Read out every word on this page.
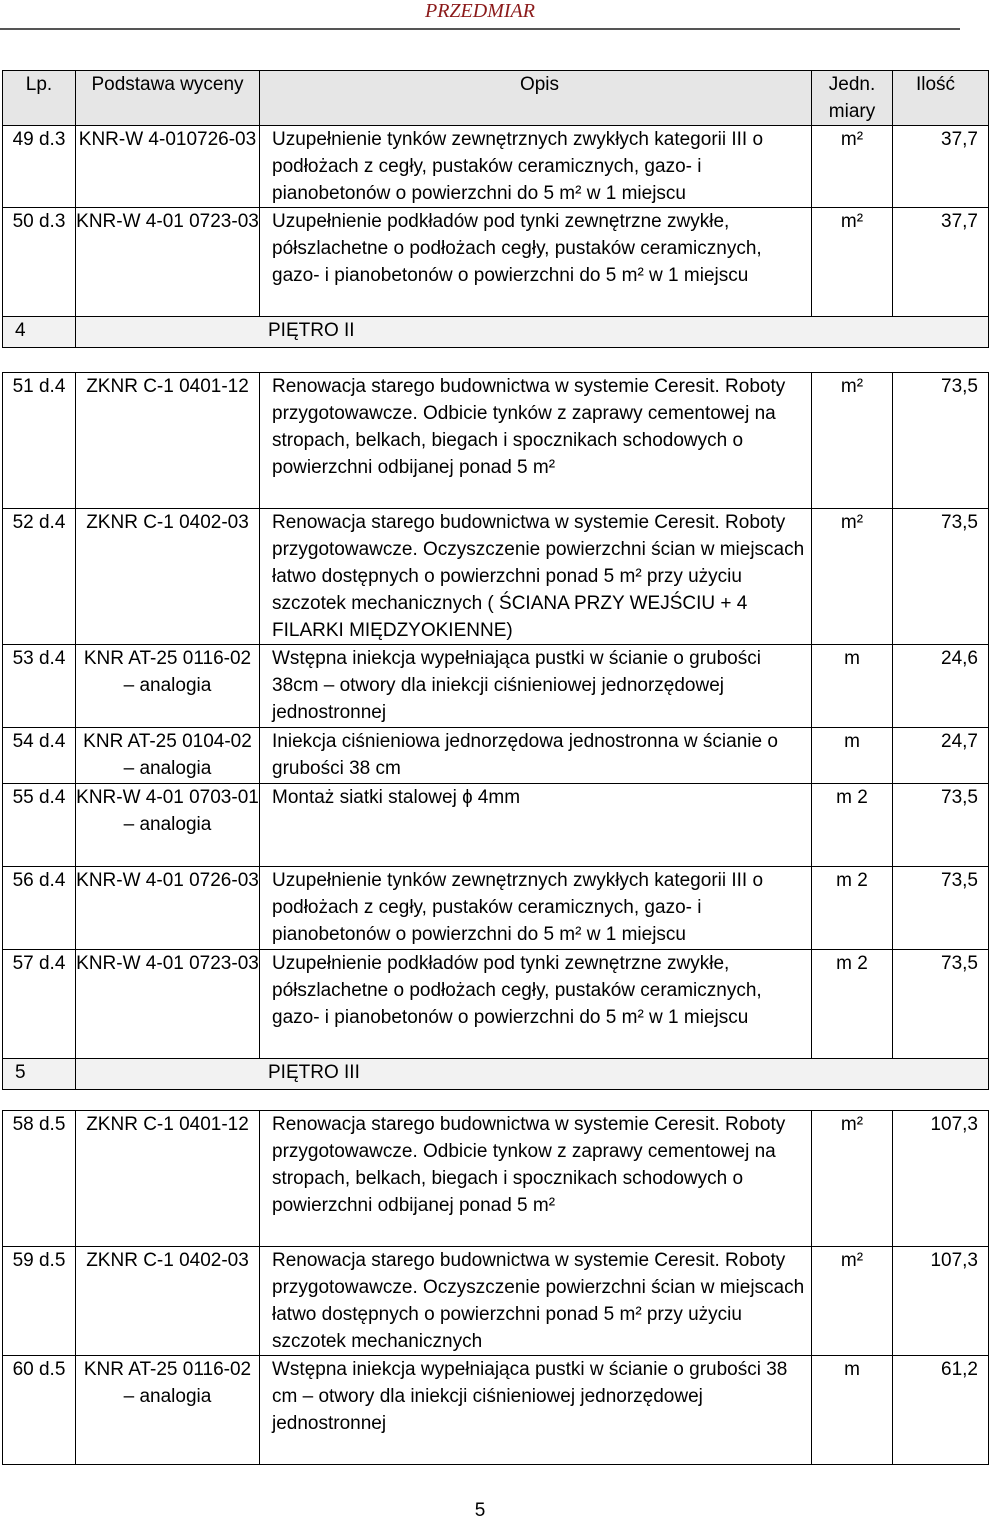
PRZEDMIAR
Lp.	Podstawa wyceny	Opis	Jedn. miary	Ilość
49 d.3	KNR-W 4-010726-03	Uzupełnienie tynków zewnętrznych zwykłych kategorii III o podłożach z cegły, pustaków ceramicznych, gazo- i pianobetonów o powierzchni do 5 m² w 1 miejscu	m²	37,7
50 d.3	KNR-W 4-01 0723-03	Uzupełnienie podkładów pod tynki zewnętrzne zwykłe, półszlachetne o podłożach cegły, pustaków ceramicznych, gazo- i pianobetonów o powierzchni do 5 m² w 1 miejscu	m²	37,7
4	PIĘTRO II			
51 d.4	ZKNR C-1 0401-12	Renowacja starego budownictwa w systemie Ceresit. Roboty przygotowawcze. Odbicie tynków z zaprawy cementowej na stropach, belkach, biegach i spocznikach schodowych o powierzchni odbijanej ponad 5 m²	m²	73,5
52 d.4	ZKNR C-1 0402-03	Renowacja starego budownictwa w systemie Ceresit. Roboty przygotowawcze. Oczyszczenie powierzchni ścian w miejscach łatwo dostępnych o powierzchni ponad 5 m² przy użyciu szczotek mechanicznych ( ŚCIANA PRZY WEJŚCIU + 4 FILARKI MIĘDZYOKIENNE)	m²	73,5
53 d.4	KNR AT-25 0116-02 – analogia	Wstępna iniekcja wypełniająca pustki w ścianie o grubości 38cm – otwory dla iniekcji ciśnieniowej jednorzędowej jednostronnej	m	24,6
54 d.4	KNR AT-25 0104-02 – analogia	Iniekcja ciśnieniowa jednorzędowa jednostronna w ścianie o grubości 38 cm	m	24,7
55 d.4	KNR-W 4-01 0703-01 – analogia	Montaż siatki stalowej ɸ 4mm	m 2	73,5
56 d.4	KNR-W 4-01 0726-03	Uzupełnienie tynków zewnętrznych zwykłych kategorii III o podłożach z cegły, pustaków ceramicznych, gazo- i pianobetonów o powierzchni do 5 m² w 1 miejscu	m 2	73,5
57 d.4	KNR-W 4-01 0723-03	Uzupełnienie podkładów pod tynki zewnętrzne zwykłe, półszlachetne o podłożach cegły, pustaków ceramicznych, gazo- i pianobetonów o powierzchni do 5 m² w 1 miejscu	m 2	73,5
5	PIĘTRO III			
58 d.5	ZKNR C-1 0401-12	Renowacja starego budownictwa w systemie Ceresit. Roboty przygotowawcze. Odbicie tynkow z zaprawy cementowej na stropach, belkach, biegach i spocznikach schodowych o powierzchni odbijanej ponad 5 m²	m²	107,3
59 d.5	ZKNR C-1 0402-03	Renowacja starego budownictwa w systemie Ceresit. Roboty przygotowawcze. Oczyszczenie powierzchni ścian w miejscach łatwo dostępnych o powierzchni ponad 5 m² przy użyciu szczotek mechanicznych	m²	107,3
60 d.5	KNR AT-25 0116-02 – analogia	Wstępna iniekcja wypełniająca pustki w ścianie o grubości 38 cm – otwory dla iniekcji ciśnieniowej jednorzędowej jednostronnej	m	61,2
5
